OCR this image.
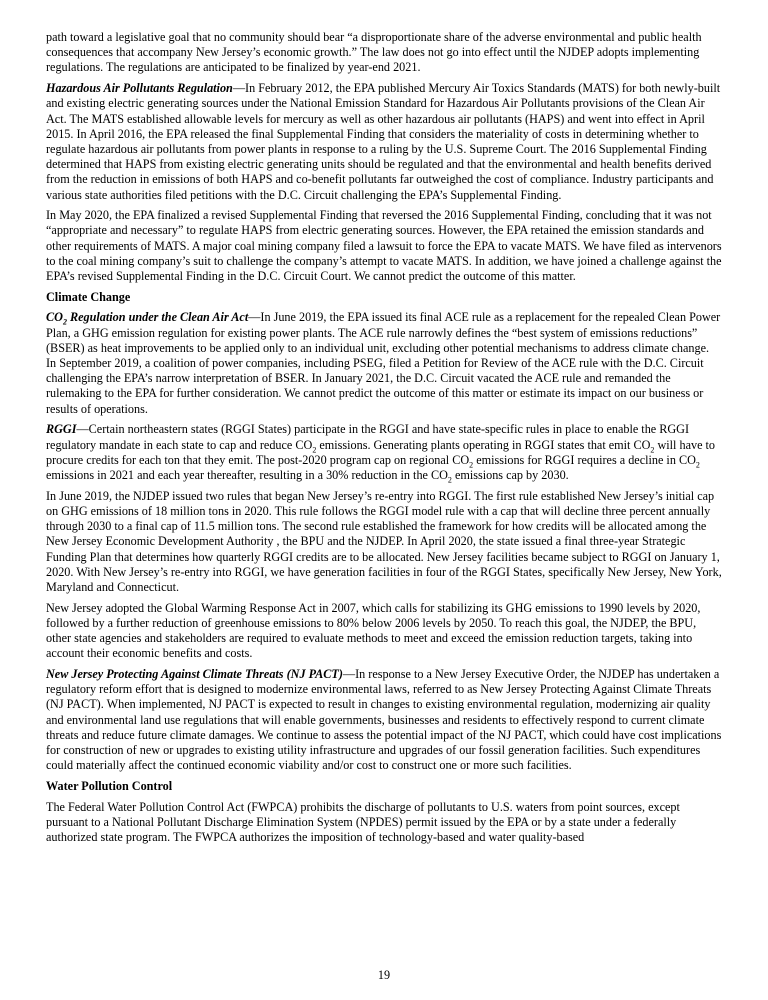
path toward a legislative goal that no community should bear “a disproportionate share of the adverse environmental and public health consequences that accompany New Jersey’s economic growth.” The law does not go into effect until the NJDEP adopts implementing regulations. The regulations are anticipated to be finalized by year-end 2021.

Hazardous Air Pollutants Regulation—In February 2012, the EPA published Mercury Air Toxics Standards (MATS) for both newly-built and existing electric generating sources under the National Emission Standard for Hazardous Air Pollutants provisions of the Clean Air Act. The MATS established allowable levels for mercury as well as other hazardous air pollutants (HAPS) and went into effect in April 2015. In April 2016, the EPA released the final Supplemental Finding that considers the materiality of costs in determining whether to regulate hazardous air pollutants from power plants in response to a ruling by the U.S. Supreme Court. The 2016 Supplemental Finding determined that HAPS from existing electric generating units should be regulated and that the environmental and health benefits derived from the reduction in emissions of both HAPS and co-benefit pollutants far outweighed the cost of compliance. Industry participants and various state authorities filed petitions with the D.C. Circuit challenging the EPA’s Supplemental Finding.

In May 2020, the EPA finalized a revised Supplemental Finding that reversed the 2016 Supplemental Finding, concluding that it was not “appropriate and necessary” to regulate HAPS from electric generating sources. However, the EPA retained the emission standards and other requirements of MATS. A major coal mining company filed a lawsuit to force the EPA to vacate MATS. We have filed as intervenors to the coal mining company’s suit to challenge the company’s attempt to vacate MATS. In addition, we have joined a challenge against the EPA’s revised Supplemental Finding in the D.C. Circuit Court. We cannot predict the outcome of this matter.

Climate Change

$CO_2$ Regulation under the Clean Air Act—In June 2019, the EPA issued its final ACE rule as a replacement for the repealed Clean Power Plan, a GHG emission regulation for existing power plants. The ACE rule narrowly defines the “best system of emissions reductions” (BSER) as heat improvements to be applied only to an individual unit, excluding other potential mechanisms to address climate change. In September 2019, a coalition of power companies, including PSEG, filed a Petition for Review of the ACE rule with the D.C. Circuit challenging the EPA’s narrow interpretation of BSER. In January 2021, the D.C. Circuit vacated the ACE rule and remanded the rulemaking to the EPA for further consideration. We cannot predict the outcome of this matter or estimate its impact on our business or results of operations.

RGGI—Certain northeastern states (RGGI States) participate in the RGGI and have state-specific rules in place to enable the RGGI regulatory mandate in each state to cap and reduce $CO_2$ emissions. Generating plants operating in RGGI states that emit $CO_2$ will have to procure credits for each ton that they emit. The post-2020 program cap on regional $CO_2$ emissions for RGGI requires a decline in $CO_2$ emissions in 2021 and each year thereafter, resulting in a 30% reduction in the $CO_2$ emissions cap by 2030.

In June 2019, the NJDEP issued two rules that began New Jersey’s re-entry into RGGI. The first rule established New Jersey’s initial cap on GHG emissions of 18 million tons in 2020. This rule follows the RGGI model rule with a cap that will decline three percent annually through 2030 to a final cap of 11.5 million tons. The second rule established the framework for how credits will be allocated among the New Jersey Economic Development Authority , the BPU and the NJDEP. In April 2020, the state issued a final three-year Strategic Funding Plan that determines how quarterly RGGI credits are to be allocated. New Jersey facilities became subject to RGGI on January 1, 2020. With New Jersey’s re-entry into RGGI, we have generation facilities in four of the RGGI States, specifically New Jersey, New York, Maryland and Connecticut.

New Jersey adopted the Global Warming Response Act in 2007, which calls for stabilizing its GHG emissions to 1990 levels by 2020, followed by a further reduction of greenhouse emissions to 80% below 2006 levels by 2050. To reach this goal, the NJDEP, the BPU, other state agencies and stakeholders are required to evaluate methods to meet and exceed the emission reduction targets, taking into account their economic benefits and costs.

New Jersey Protecting Against Climate Threats (NJ PACT)—In response to a New Jersey Executive Order, the NJDEP has undertaken a regulatory reform effort that is designed to modernize environmental laws, referred to as New Jersey Protecting Against Climate Threats (NJ PACT). When implemented, NJ PACT is expected to result in changes to existing environmental regulation, modernizing air quality and environmental land use regulations that will enable governments, businesses and residents to effectively respond to current climate threats and reduce future climate damages. We continue to assess the potential impact of the NJ PACT, which could have cost implications for construction of new or upgrades to existing utility infrastructure and upgrades of our fossil generation facilities. Such expenditures could materially affect the continued economic viability and/or cost to construct one or more such facilities.

Water Pollution Control

The Federal Water Pollution Control Act (FWPCA) prohibits the discharge of pollutants to U.S. waters from point sources, except pursuant to a National Pollutant Discharge Elimination System (NPDES) permit issued by the EPA or by a state under a federally authorized state program. The FWPCA authorizes the imposition of technology-based and water quality-based

19
